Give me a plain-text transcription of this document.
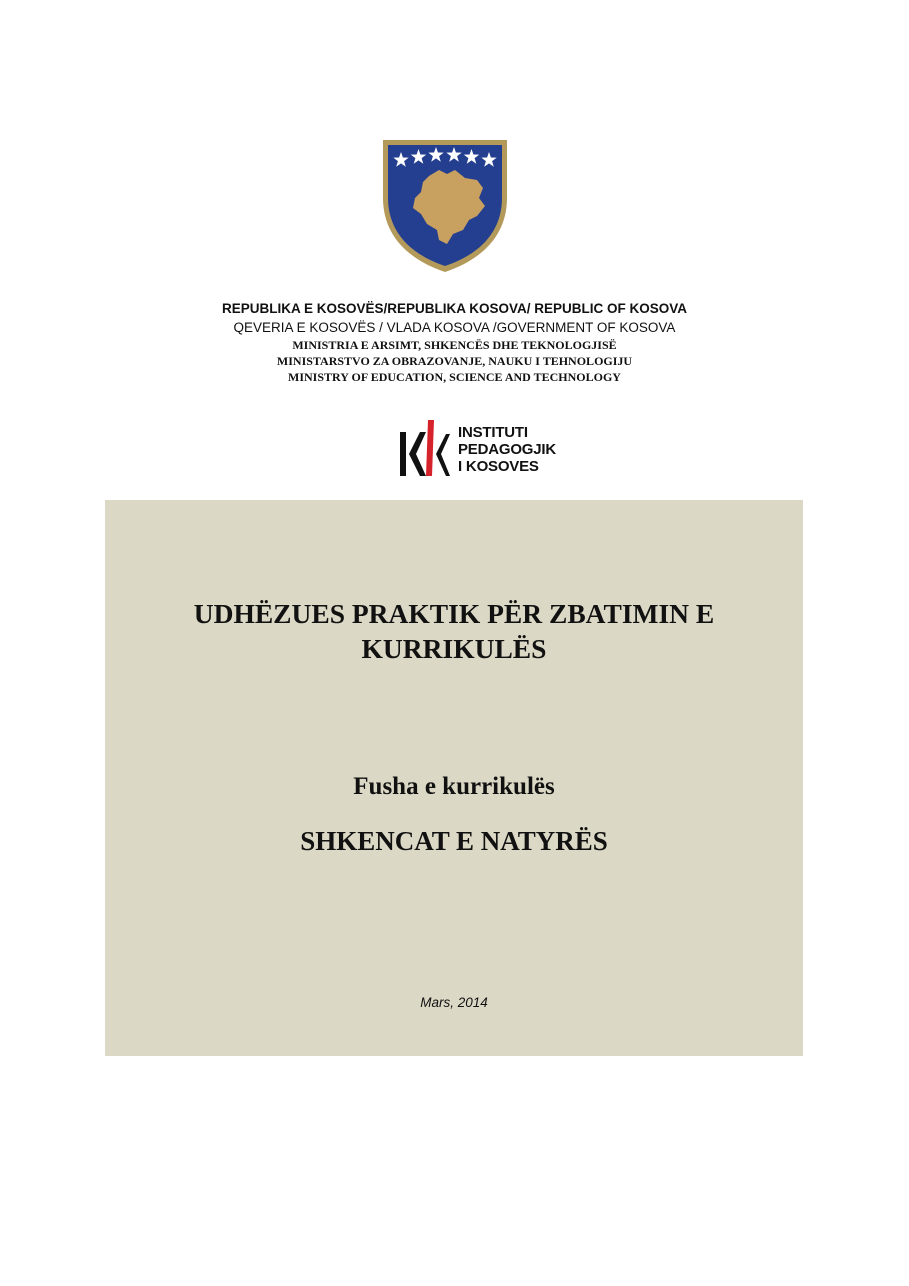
REPUBLIKA E KOSOVËS/REPUBLIKA KOSOVA/ REPUBLIC OF KOSOVA
QEVERIA E KOSOVËS / VLADA KOSOVA /GOVERNMENT OF KOSOVA
MINISTRIA E ARSIMT, SHKENCËS DHE TEKNOLOGJISË
MINISTARSTVO ZA OBRAZOVANJE, NAUKU I TEHNOLOGIJU
MINISTRY OF EDUCATION, SCIENCE AND TECHNOLOGY
INSTITUTI
PEDAGOGJIK
I KOSOVES
UDHËZUES PRAKTIK PËR ZBATIMIN E
KURRIKULËS
Fusha e kurrikulës
SHKENCAT E NATYRËS
Mars, 2014
